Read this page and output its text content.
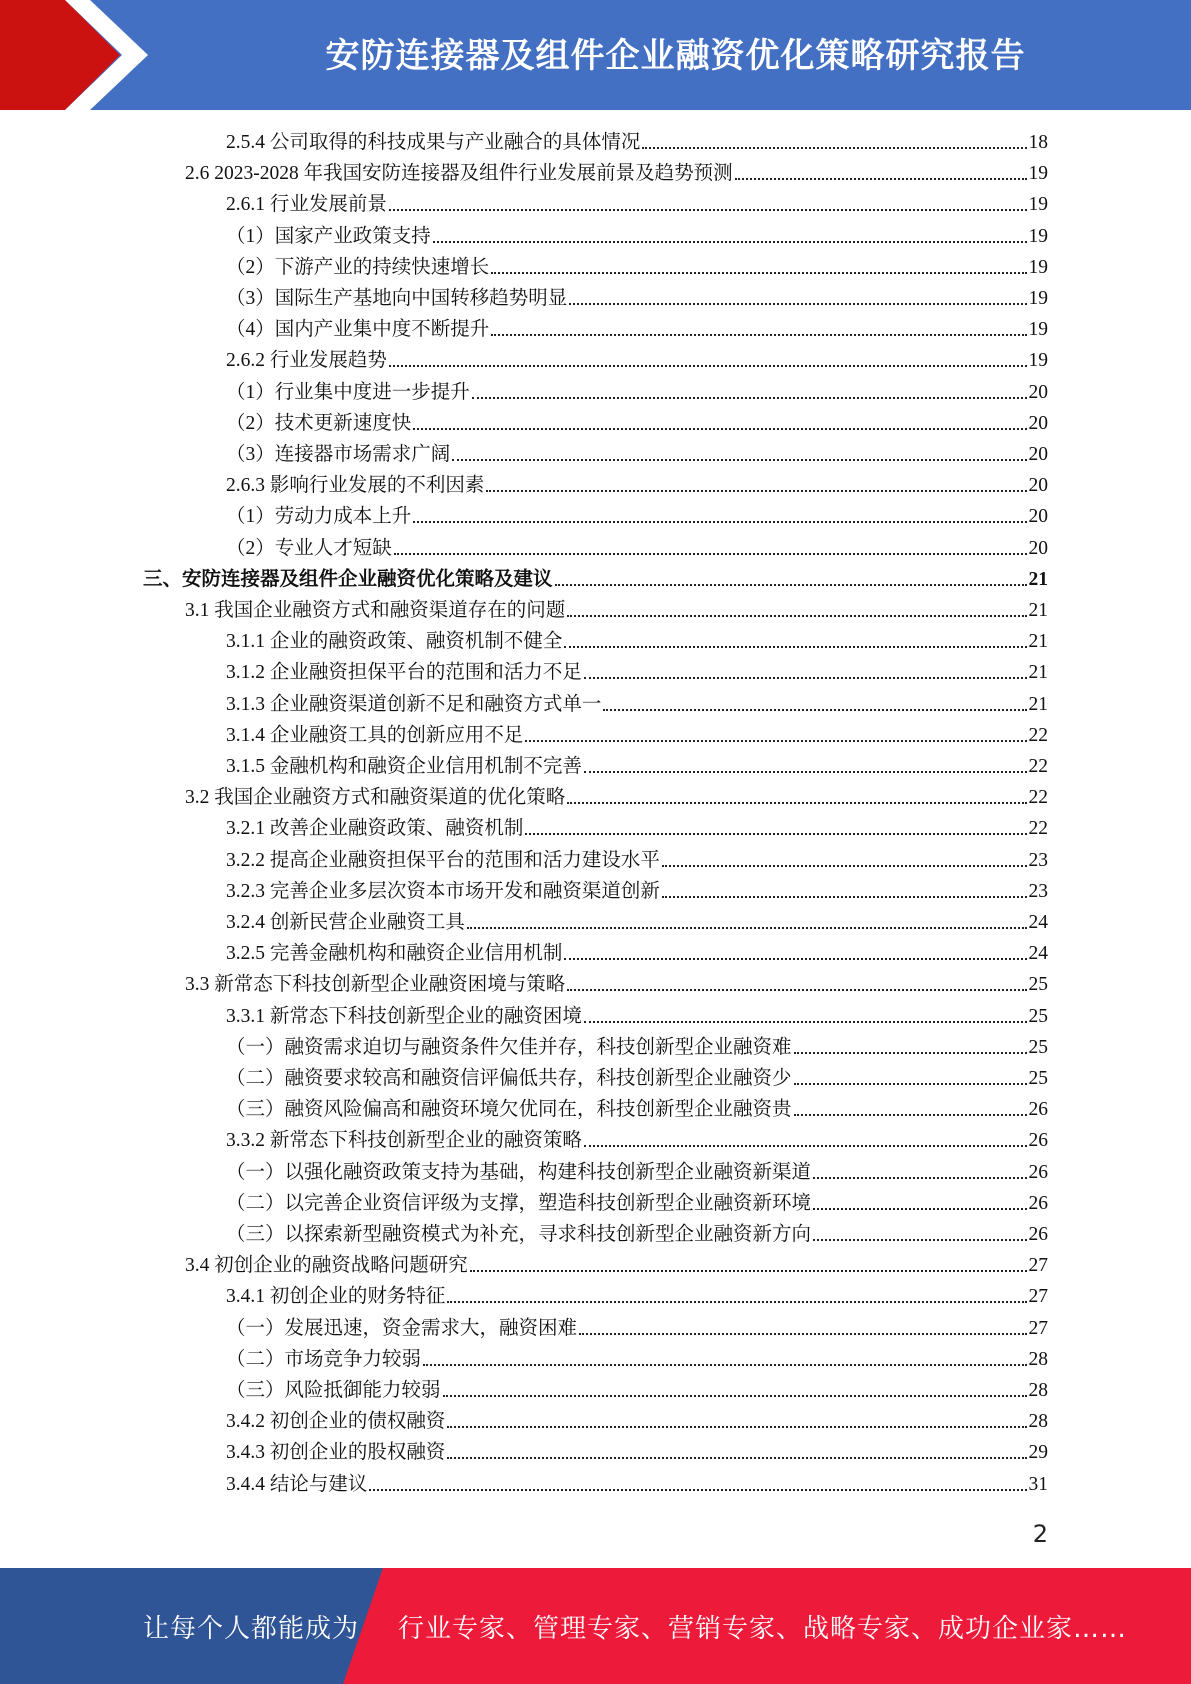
安防连接器及组件企业融资优化策略研究报告
2.5.4 公司取得的科技成果与产业融合的具体情况	18
2.6 2023-2028 年我国安防连接器及组件行业发展前景及趋势预测	19
2.6.1 行业发展前景	19
（1）国家产业政策支持	19
（2）下游产业的持续快速增长	19
（3）国际生产基地向中国转移趋势明显	19
（4）国内产业集中度不断提升	19
2.6.2 行业发展趋势	19
（1）行业集中度进一步提升	20
（2）技术更新速度快	20
（3）连接器市场需求广阔	20
2.6.3 影响行业发展的不利因素	20
（1）劳动力成本上升	20
（2）专业人才短缺	20
三、安防连接器及组件企业融资优化策略及建议	21
3.1 我国企业融资方式和融资渠道存在的问题	21
3.1.1 企业的融资政策、融资机制不健全	21
3.1.2 企业融资担保平台的范围和活力不足	21
3.1.3 企业融资渠道创新不足和融资方式单一	21
3.1.4 企业融资工具的创新应用不足	22
3.1.5 金融机构和融资企业信用机制不完善	22
3.2 我国企业融资方式和融资渠道的优化策略	22
3.2.1 改善企业融资政策、融资机制	22
3.2.2 提高企业融资担保平台的范围和活力建设水平	23
3.2.3 完善企业多层次资本市场开发和融资渠道创新	23
3.2.4 创新民营企业融资工具	24
3.2.5 完善金融机构和融资企业信用机制	24
3.3 新常态下科技创新型企业融资困境与策略	25
3.3.1 新常态下科技创新型企业的融资困境	25
（一）融资需求迫切与融资条件欠佳并存，科技创新型企业融资难	25
（二）融资要求较高和融资信评偏低共存，科技创新型企业融资少	25
（三）融资风险偏高和融资环境欠优同在，科技创新型企业融资贵	26
3.3.2 新常态下科技创新型企业的融资策略	26
（一）以强化融资政策支持为基础，构建科技创新型企业融资新渠道	26
（二）以完善企业资信评级为支撑，塑造科技创新型企业融资新环境	26
（三）以探索新型融资模式为补充，寻求科技创新型企业融资新方向	26
3.4 初创企业的融资战略问题研究	27
3.4.1 初创企业的财务特征	27
（一）发展迅速，资金需求大，融资困难	27
（二）市场竞争力较弱	28
（三）风险抵御能力较弱	28
3.4.2 初创企业的债权融资	28
3.4.3 初创企业的股权融资	29
3.4.4 结论与建议	31
2
让每个人都能成为 行业专家、管理专家、营销专家、战略专家、成功企业家……
